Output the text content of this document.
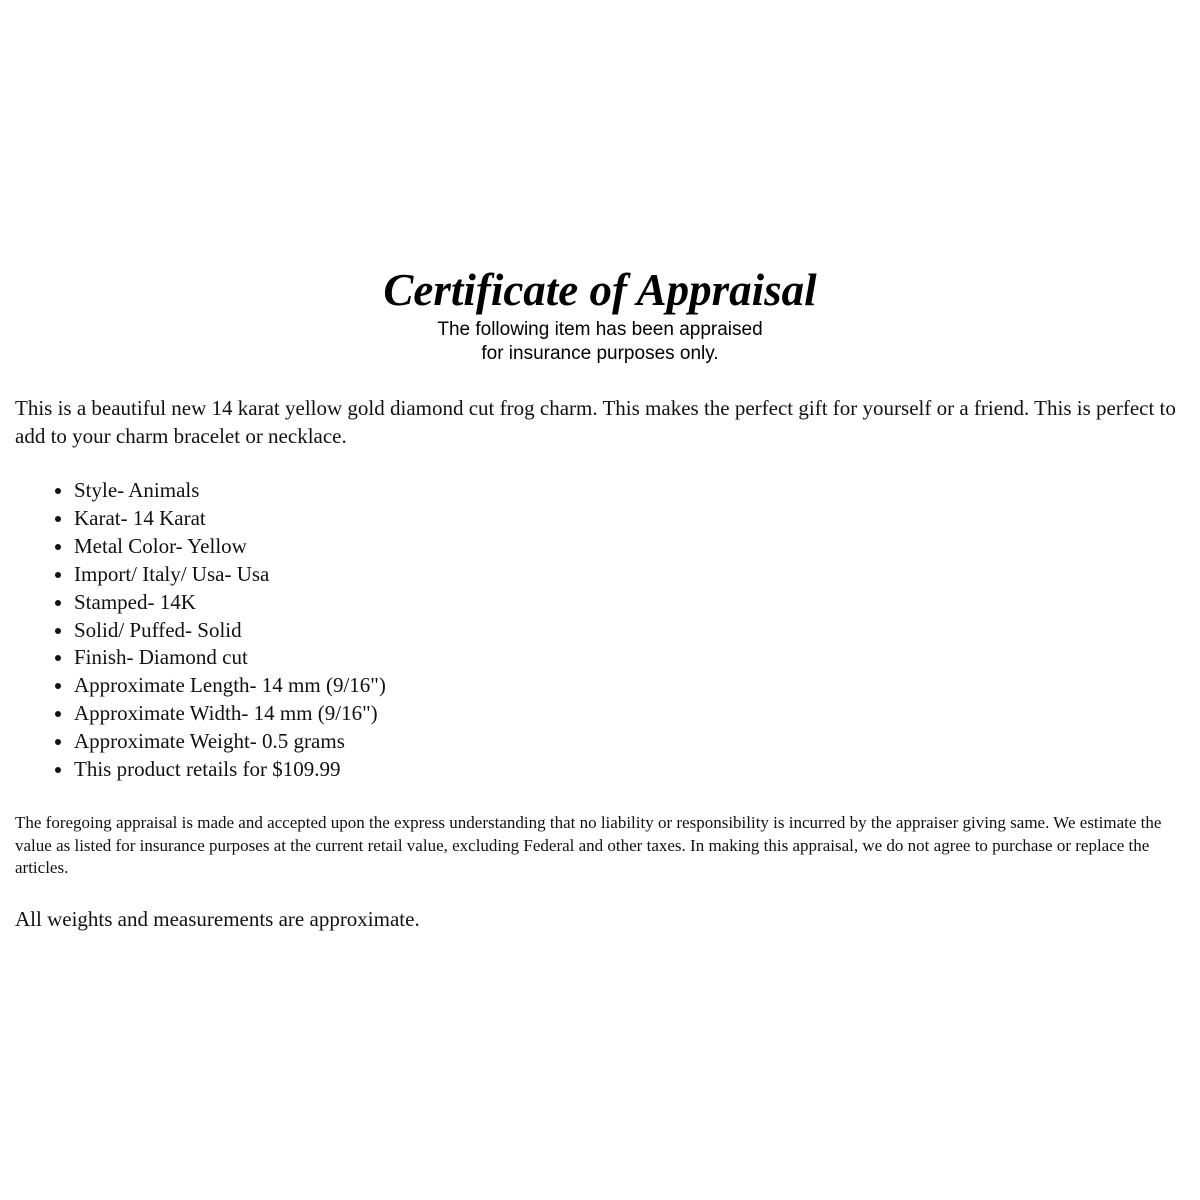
Certificate of Appraisal
The following item has been appraised
for insurance purposes only.

This is a beautiful new 14 karat yellow gold diamond cut frog charm. This makes the perfect gift for yourself or a friend. This is perfect to add to your charm bracelet or necklace.

• Style- Animals
• Karat- 14 Karat
• Metal Color- Yellow
• Import/ Italy/ Usa- Usa
• Stamped- 14K
• Solid/ Puffed- Solid
• Finish- Diamond cut
• Approximate Length- 14 mm (9/16")
• Approximate Width- 14 mm (9/16")
• Approximate Weight- 0.5 grams
• This product retails for $109.99

The foregoing appraisal is made and accepted upon the express understanding that no liability or responsibility is incurred by the appraiser giving same. We estimate the value as listed for insurance purposes at the current retail value, excluding Federal and other taxes. In making this appraisal, we do not agree to purchase or replace the articles.

All weights and measurements are approximate.
